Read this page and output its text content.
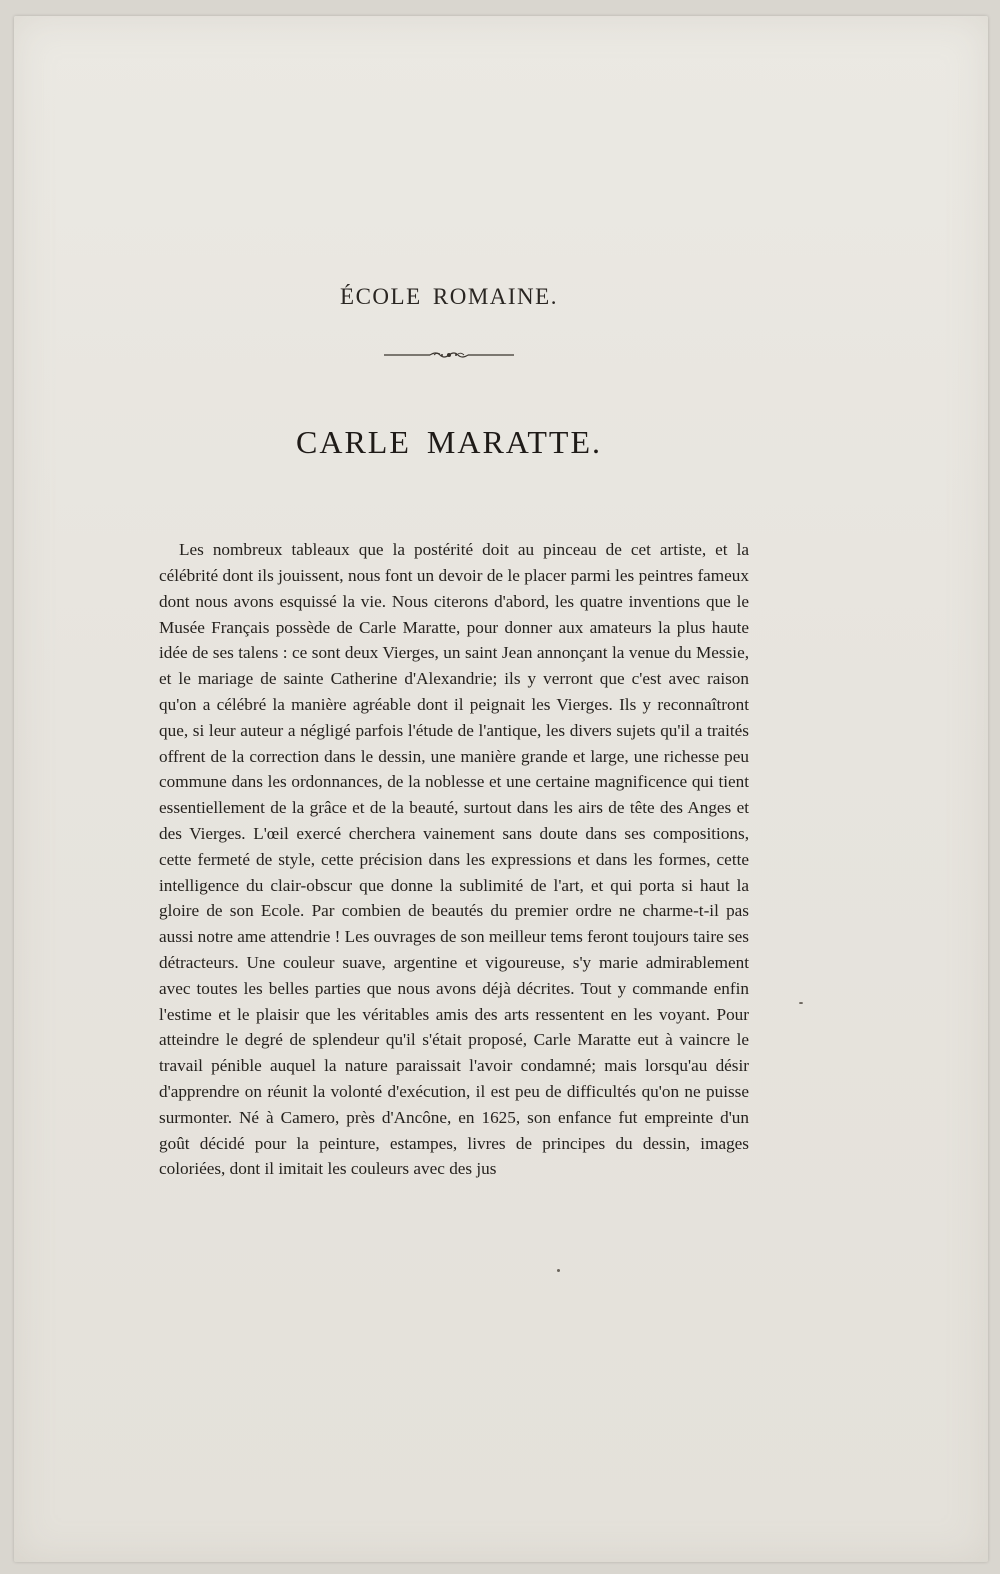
ÉCOLE ROMAINE.
CARLE MARATTE.

Les nombreux tableaux que la postérité doit au pinceau de cet artiste, et la célébrité dont ils jouissent, nous font un devoir de le placer parmi les peintres fameux dont nous avons esquissé la vie. Nous citerons d'abord, les quatre inventions que le Musée Français possède de Carle Maratte, pour donner aux amateurs la plus haute idée de ses talens : ce sont deux Vierges, un saint Jean annonçant la venue du Messie, et le mariage de sainte Catherine d'Alexandrie; ils y verront que c'est avec raison qu'on a célébré la manière agréable dont il peignait les Vierges. Ils y reconnaîtront que, si leur auteur a négligé parfois l'étude de l'antique, les divers sujets qu'il a traités offrent de la correction dans le dessin, une manière grande et large, une richesse peu commune dans les ordonnances, de la noblesse et une certaine magnificence qui tient essentiellement de la grâce et de la beauté, surtout dans les airs de tête des Anges et des Vierges. L'œil exercé cherchera vainement sans doute dans ses compositions, cette fermeté de style, cette précision dans les expressions et dans les formes, cette intelligence du clair-obscur que donne la sublimité de l'art, et qui porta si haut la gloire de son Ecole. Par combien de beautés du premier ordre ne charme-t-il pas aussi notre ame attendrie ! Les ouvrages de son meilleur tems feront toujours taire ses détracteurs. Une couleur suave, argentine et vigoureuse, s'y marie admirablement avec toutes les belles parties que nous avons déjà décrites. Tout y commande enfin l'estime et le plaisir que les véritables amis des arts ressentent en les voyant. Pour atteindre le degré de splendeur qu'il s'était proposé, Carle Maratte eut à vaincre le travail pénible auquel la nature paraissait l'avoir condamné; mais lorsqu'au désir d'apprendre on réunit la volonté d'exécution, il est peu de difficultés qu'on ne puisse surmonter. Né à Camero, près d'Ancône, en 1625, son enfance fut empreinte d'un goût décidé pour la peinture, estampes, livres de principes du dessin, images coloriées, dont il imitait les couleurs avec des jus
